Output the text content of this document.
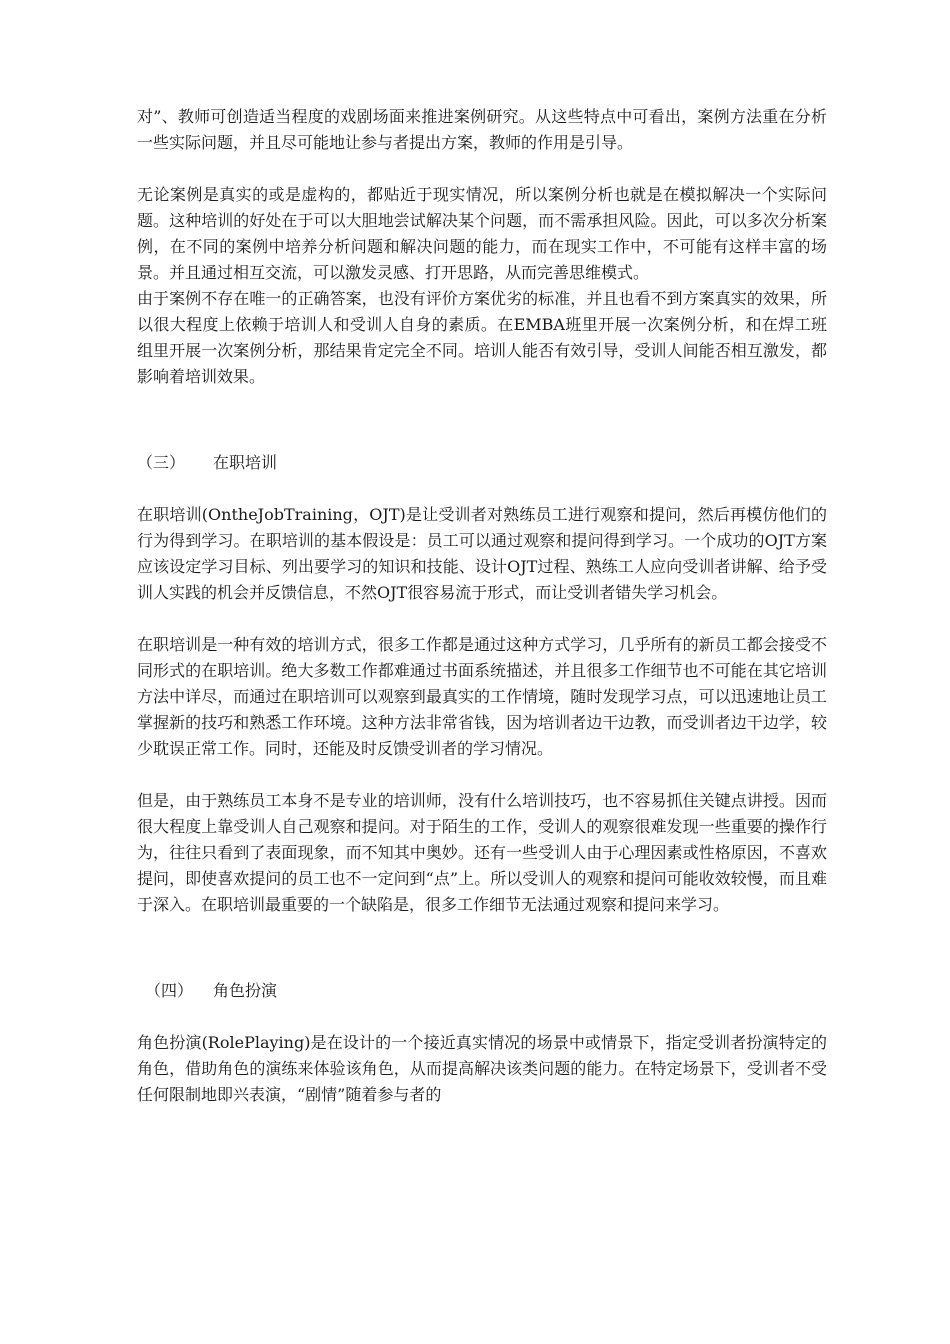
对”、教师可创造适当程度的戏剧场面来推进案例研究。从这些特点中可看出，案例方法重在分析一些实际问题，并且尽可能地让参与者提出方案，教师的作用是引导。

无论案例是真实的或是虚构的，都贴近于现实情况，所以案例分析也就是在模拟解决一个实际问题。这种培训的好处在于可以大胆地尝试解决某个问题，而不需承担风险。因此，可以多次分析案例，在不同的案例中培养分析问题和解决问题的能力，而在现实工作中，不可能有这样丰富的场景。并且通过相互交流，可以激发灵感、打开思路，从而完善思维模式。

由于案例不存在唯一的正确答案，也没有评价方案优劣的标准，并且也看不到方案真实的效果，所以很大程度上依赖于培训人和受训人自身的素质。在EMBA班里开展一次案例分析，和在焊工班组里开展一次案例分析，那结果肯定完全不同。培训人能否有效引导，受训人间能否相互激发，都影响着培训效果。

（三） 在职培训

在职培训(OntheJobTraining，OJT)是让受训者对熟练员工进行观察和提问，然后再模仿他们的行为得到学习。在职培训的基本假设是：员工可以通过观察和提问得到学习。一个成功的OJT方案应该设定学习目标、列出要学习的知识和技能、设计OJT过程、熟练工人应向受训者讲解、给予受训人实践的机会并反馈信息，不然OJT很容易流于形式，而让受训者错失学习机会。

在职培训是一种有效的培训方式，很多工作都是通过这种方式学习，几乎所有的新员工都会接受不同形式的在职培训。绝大多数工作都难通过书面系统描述，并且很多工作细节也不可能在其它培训方法中详尽，而通过在职培训可以观察到最真实的工作情境，随时发现学习点，可以迅速地让员工掌握新的技巧和熟悉工作环境。这种方法非常省钱，因为培训者边干边教，而受训者边干边学，较少耽误正常工作。同时，还能及时反馈受训者的学习情况。

但是，由于熟练员工本身不是专业的培训师，没有什么培训技巧，也不容易抓住关键点讲授。因而很大程度上靠受训人自己观察和提问。对于陌生的工作，受训人的观察很难发现一些重要的操作行为，往往只看到了表面现象，而不知其中奥妙。还有一些受训人由于心理因素或性格原因，不喜欢提问，即使喜欢提问的员工也不一定问到“点”上。所以受训人的观察和提问可能收效较慢，而且难于深入。在职培训最重要的一个缺陷是，很多工作细节无法通过观察和提问来学习。

（四） 角色扮演

角色扮演(RolePlaying)是在设计的一个接近真实情况的场景中或情景下，指定受训者扮演特定的角色，借助角色的演练来体验该角色，从而提高解决该类问题的能力。在特定场景下，受训者不受任何限制地即兴表演，“剧情”随着参与者的
